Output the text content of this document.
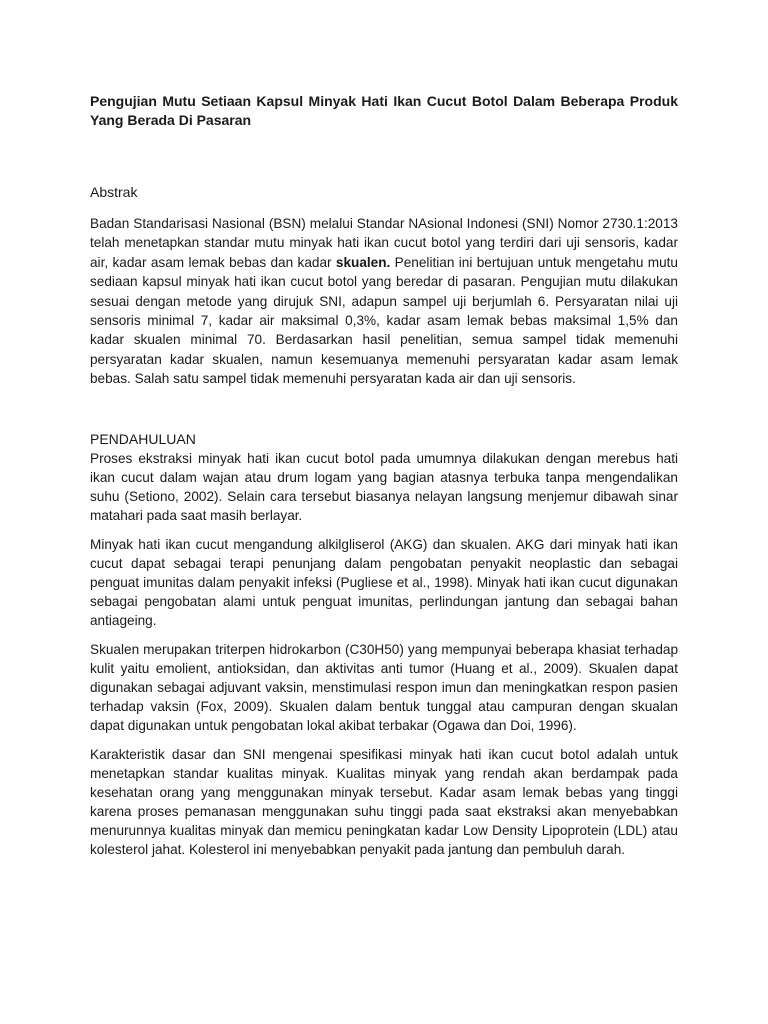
Pengujian Mutu Setiaan Kapsul Minyak Hati Ikan Cucut Botol Dalam Beberapa Produk Yang Berada Di Pasaran
Abstrak

Badan Standarisasi Nasional (BSN) melalui Standar NAsional Indonesi (SNI) Nomor 2730.1:2013 telah menetapkan standar mutu minyak hati ikan cucut botol yang terdiri dari uji sensoris, kadar air, kadar asam lemak bebas dan kadar skualen. Penelitian ini bertujuan untuk mengetahu mutu sediaan kapsul minyak hati ikan cucut botol yang beredar di pasaran. Pengujian mutu dilakukan sesuai dengan metode yang dirujuk SNI, adapun sampel uji berjumlah 6. Persyaratan nilai uji sensoris minimal 7, kadar air maksimal 0,3%, kadar asam lemak bebas maksimal 1,5% dan kadar skualen minimal 70. Berdasarkan hasil penelitian, semua sampel tidak memenuhi persyaratan kadar skualen, namun kesemuanya memenuhi persyaratan kadar asam lemak bebas. Salah satu sampel tidak memenuhi persyaratan kada air dan uji sensoris.

PENDAHULUAN

Proses ekstraksi minyak hati ikan cucut botol pada umumnya dilakukan dengan merebus hati ikan cucut dalam wajan atau drum logam yang bagian atasnya terbuka tanpa mengendalikan suhu (Setiono, 2002). Selain cara tersebut biasanya nelayan langsung menjemur dibawah sinar matahari pada saat masih berlayar.

Minyak hati ikan cucut mengandung alkilgliserol (AKG) dan skualen. AKG dari minyak hati ikan cucut dapat sebagai terapi penunjang dalam pengobatan penyakit neoplastic dan sebagai penguat imunitas dalam penyakit infeksi (Pugliese et al., 1998). Minyak hati ikan cucut digunakan sebagai pengobatan alami untuk penguat imunitas, perlindungan jantung dan sebagai bahan antiageing.

Skualen merupakan triterpen hidrokarbon (C30H50) yang mempunyai beberapa khasiat terhadap kulit yaitu emolient, antioksidan, dan aktivitas anti tumor (Huang et al., 2009). Skualen dapat digunakan sebagai adjuvant vaksin, menstimulasi respon imun dan meningkatkan respon pasien terhadap vaksin (Fox, 2009). Skualen dalam bentuk tunggal atau campuran dengan skualan dapat digunakan untuk pengobatan lokal akibat terbakar (Ogawa dan Doi, 1996).

Karakteristik dasar dan SNI mengenai spesifikasi minyak hati ikan cucut botol adalah untuk menetapkan standar kualitas minyak. Kualitas minyak yang rendah akan berdampak pada kesehatan orang yang menggunakan minyak tersebut. Kadar asam lemak bebas yang tinggi karena proses pemanasan menggunakan suhu tinggi pada saat ekstraksi akan menyebabkan menurunnya kualitas minyak dan memicu peningkatan kadar Low Density Lipoprotein (LDL) atau kolesterol jahat. Kolesterol ini menyebabkan penyakit pada jantung dan pembuluh darah.
